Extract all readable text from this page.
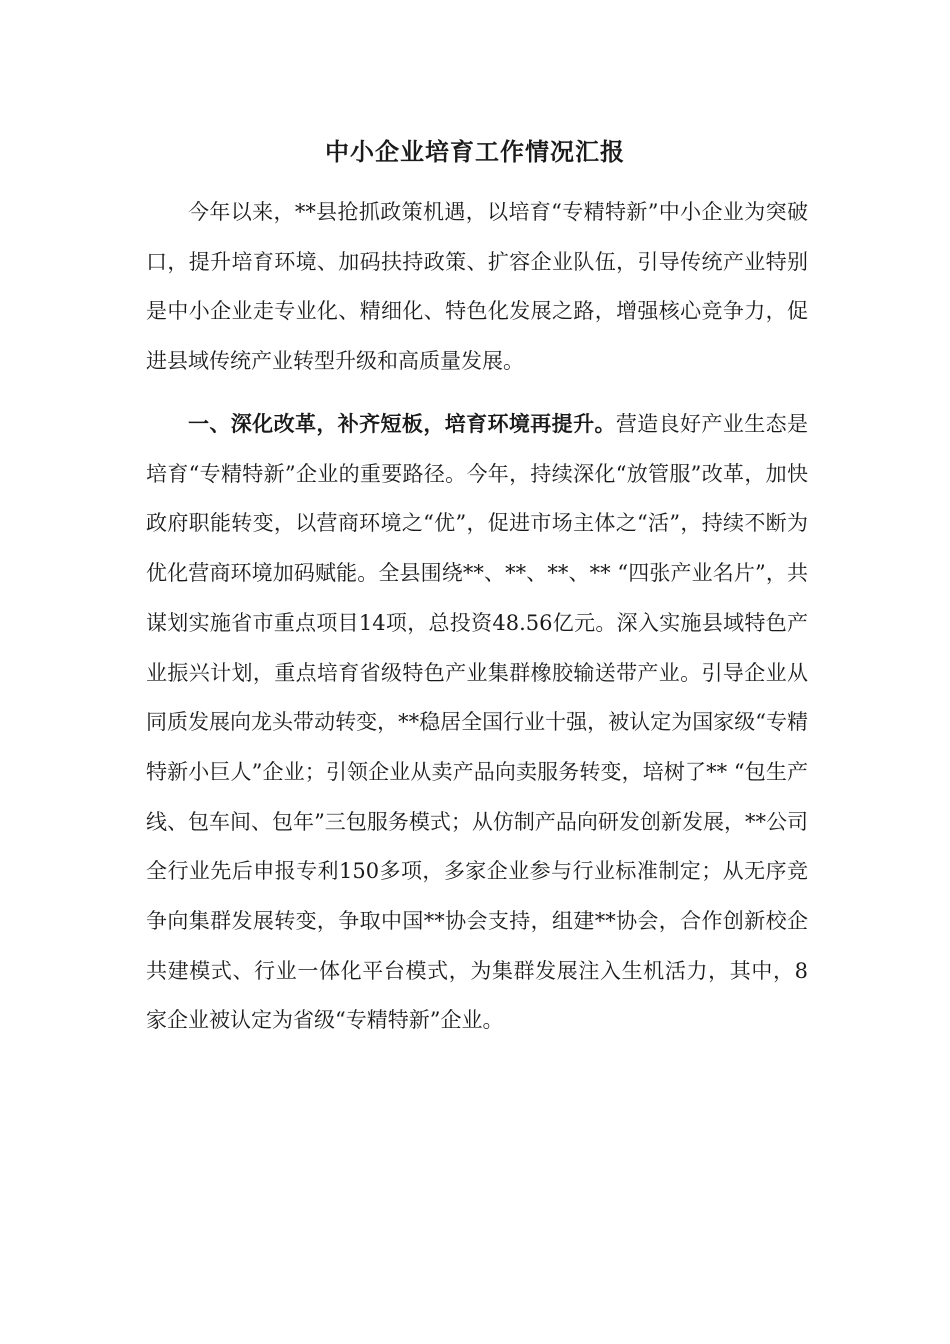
中小企业培育工作情况汇报

今年以来，**县抢抓政策机遇，以培育“专精特新”中小企业为突破口，提升培育环境、加码扶持政策、扩容企业队伍，引导传统产业特别是中小企业走专业化、精细化、特色化发展之路，增强核心竞争力，促进县域传统产业转型升级和高质量发展。

一、深化改革，补齐短板，培育环境再提升。营造良好产业生态是培育“专精特新”企业的重要路径。今年，持续深化“放管服”改革，加快政府职能转变，以营商环境之“优”，促进市场主体之“活”，持续不断为优化营商环境加码赋能。全县围绕**、**、**、** “四张产业名片”，共谋划实施省市重点项目14项，总投资48.56亿元。深入实施县域特色产业振兴计划，重点培育省级特色产业集群橡胶输送带产业。引导企业从同质发展向龙头带动转变，**稳居全国行业十强，被认定为国家级“专精特新小巨人”企业；引领企业从卖产品向卖服务转变，培树了** “包生产线、包车间、包年”三包服务模式；从仿制产品向研发创新发展，**公司全行业先后申报专利150多项，多家企业参与行业标准制定；从无序竞争向集群发展转变，争取中国**协会支持，组建**协会，合作创新校企共建模式、行业一体化平台模式，为集群发展注入生机活力，其中，8家企业被认定为省级“专精特新”企业。
